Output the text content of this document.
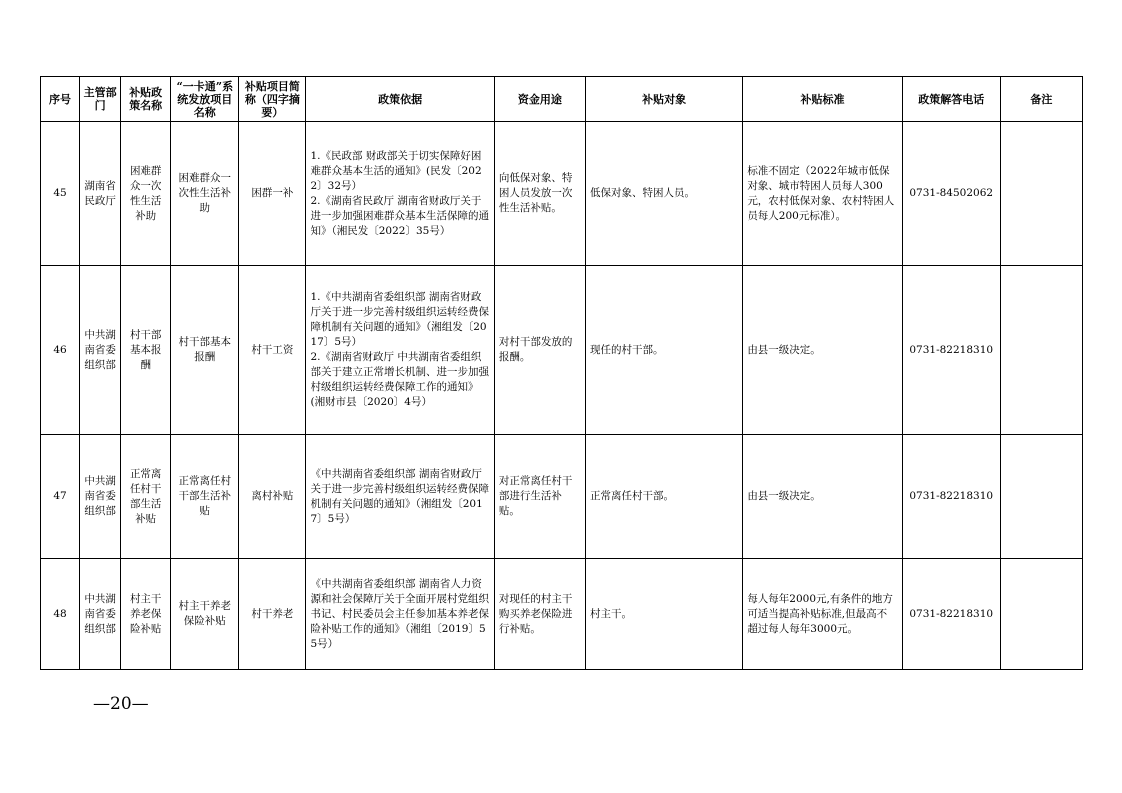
序号	主管部门	补贴政策名称	“一卡通”系统发放项目名称	补贴项目简称（四字摘要）	政策依据	资金用途	补贴对象	补贴标准	政策解答电话	备注
45	湖南省民政厅	困难群众一次性生活补助	困难群众一次性生活补助	困群一补	1.《民政部 财政部关于切实保障好困难群众基本生活的通知》(民发〔2022〕32号）
2.《湖南省民政厅 湖南省财政厅关于进一步加强困难群众基本生活保障的通知》（湘民发〔2022〕35号）	向低保对象、特困人员发放一次性生活补贴。	低保对象、特困人员。	标准不固定（2022年城市低保对象、城市特困人员每人300元，农村低保对象、农村特困人员每人200元标准）。	0731-84502062	
46	中共湖南省委组织部	村干部基本报酬	村干部基本报酬	村干工资	1.《中共湖南省委组织部 湖南省财政厅关于进一步完善村级组织运转经费保障机制有关问题的通知》（湘组发〔2017〕5号）
2.《湖南省财政厅 中共湖南省委组织部关于建立正常增长机制、进一步加强村级组织运转经费保障工作的通知》(湘财市县〔2020〕4号）	对村干部发放的报酬。	现任的村干部。	由县一级决定。	0731-82218310	
47	中共湖南省委组织部	正常离任村干部生活补贴	正常离任村干部生活补贴	离村补贴	《中共湖南省委组织部 湖南省财政厅关于进一步完善村级组织运转经费保障机制有关问题的通知》（湘组发〔2017〕5号）	对正常离任村干部进行生活补贴。	正常离任村干部。	由县一级决定。	0731-82218310	
48	中共湖南省委组织部	村主干养老保险补贴	村主干养老保险补贴	村干养老	《中共湖南省委组织部 湖南省人力资源和社会保障厅关于全面开展村党组织书记、村民委员会主任参加基本养老保险补贴工作的通知》（湘组〔2019〕55号）	对现任的村主干购买养老保险进行补贴。	村主干。	每人每年2000元,有条件的地方可适当提高补贴标准,但最高不超过每人每年3000元。	0731-82218310	
—20—
